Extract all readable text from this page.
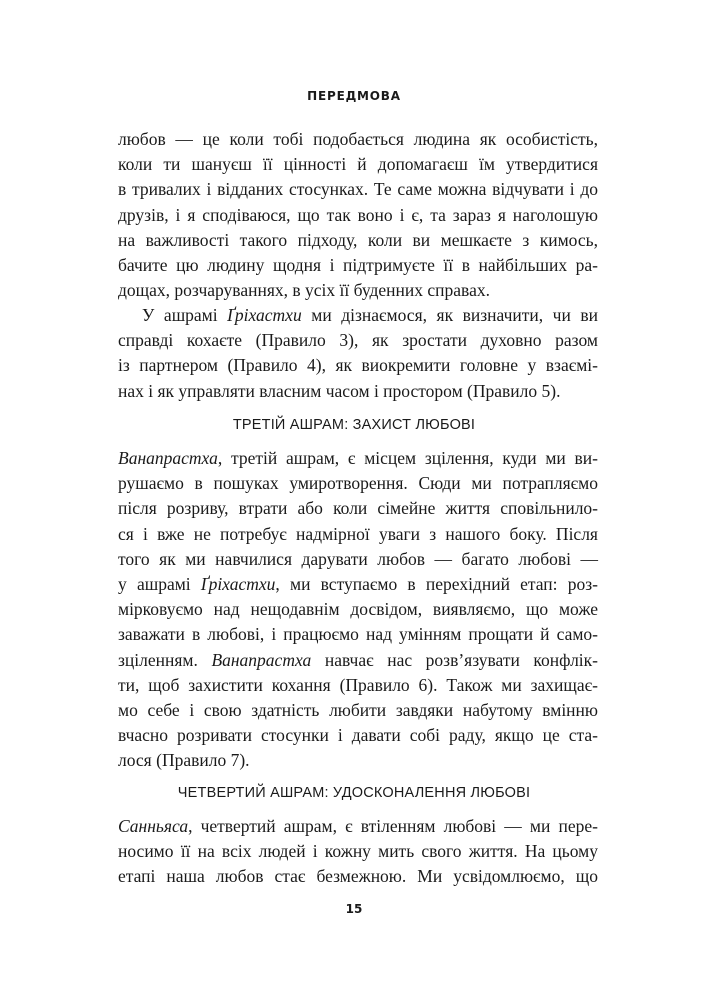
ПЕРЕДМОВА
любов — це коли тобі подобається людина як особистість,
коли ти шануєш її цінності й допомагаєш їм утвердитися
в тривалих і відданих стосунках. Те саме можна відчувати і до
друзів, і я сподіваюся, що так воно і є, та зараз я наголошую
на важливості такого підходу, коли ви мешкаєте з кимось,
бачите цю людину щодня і підтримуєте її в найбільших ра-
дощах, розчаруваннях, в усіх її буденних справах.
У ашрамі Ґріхастхи ми дізнаємося, як визначити, чи ви
справді кохаєте (Правило 3), як зростати духовно разом
із партнером (Правило 4), як виокремити головне у взаємі-
нах і як управляти власним часом і простором (Правило 5).
ТРЕТІЙ АШРАМ: ЗАХИСТ ЛЮБОВІ
Ванапрастха, третій ашрам, є місцем зцілення, куди ми ви-
рушаємо в пошуках умиротворення. Сюди ми потрапляємо
після розриву, втрати або коли сімейне життя сповільнило-
ся і вже не потребує надмірної уваги з нашого боку. Після
того як ми навчилися дарувати любов — багато любові —
у ашрамі Ґріхастхи, ми вступаємо в перехідний етап: роз-
мірковуємо над нещодавнім досвідом, виявляємо, що може
заважати в любові, і працюємо над умінням прощати й само-
зціленням. Ванапрастха навчає нас розв’язувати конфлік-
ти, щоб захистити кохання (Правило 6). Також ми захищає-
мо себе і свою здатність любити завдяки набутому вмінню
вчасно розривати стосунки і давати собі раду, якщо це ста-
лося (Правило 7).
ЧЕТВЕРТИЙ АШРАМ: УДОСКОНАЛЕННЯ ЛЮБОВІ
Санньяса, четвертий ашрам, є втіленням любові — ми пере-
носимо її на всіх людей і кожну мить свого життя. На цьому
етапі наша любов стає безмежною. Ми усвідомлюємо, що
15
